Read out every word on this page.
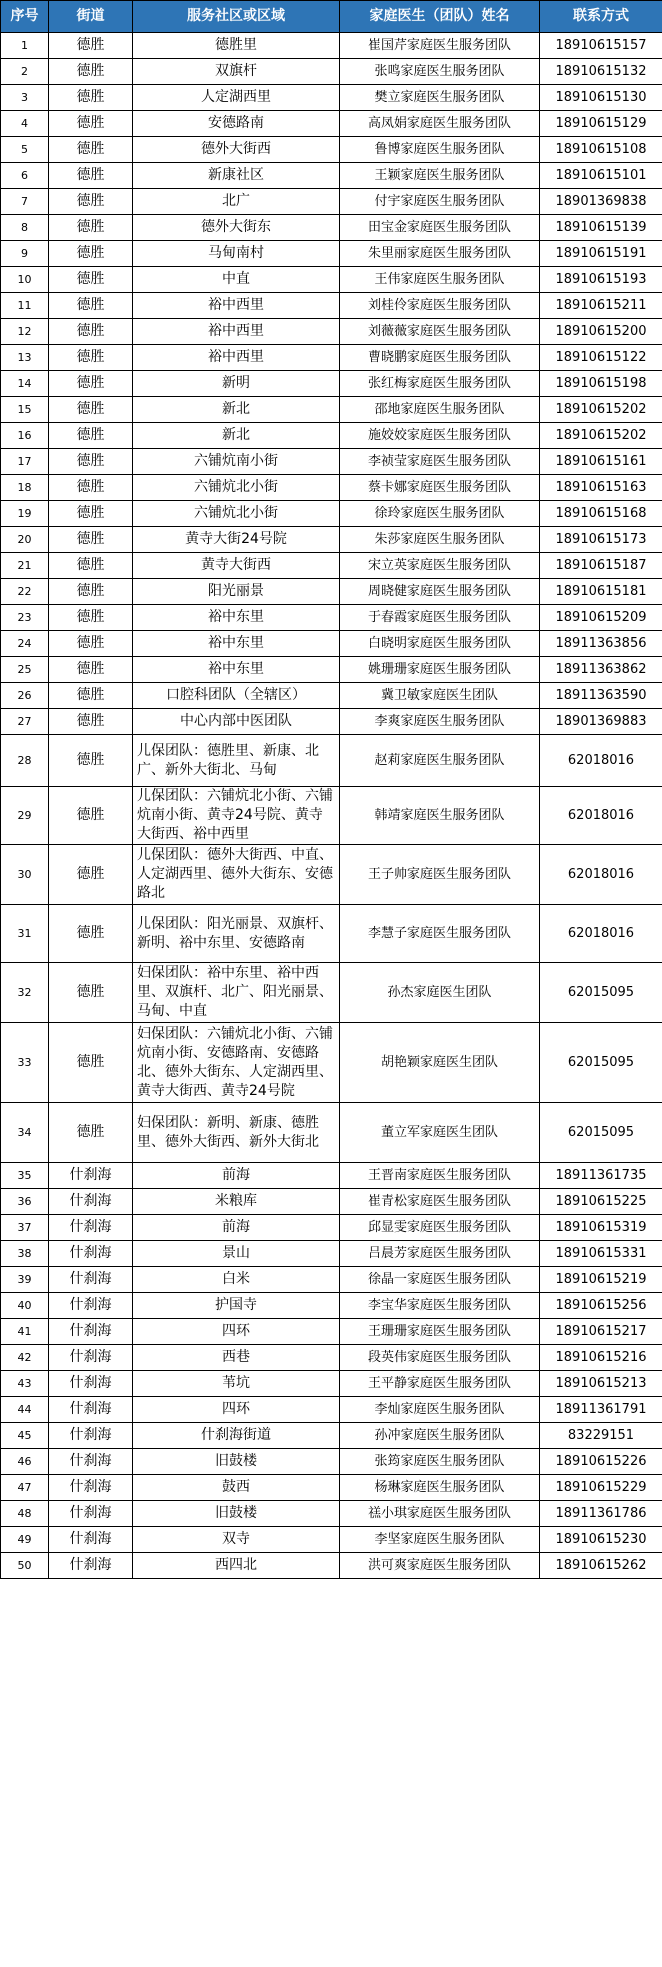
序号	街道	服务社区或区域	家庭医生（团队）姓名	联系方式
1	德胜	德胜里	崔国芹家庭医生服务团队	18910615157
2	德胜	双旗杆	张鸣家庭医生服务团队	18910615132
3	德胜	人定湖西里	樊立家庭医生服务团队	18910615130
4	德胜	安德路南	高凤娟家庭医生服务团队	18910615129
5	德胜	德外大街西	鲁博家庭医生服务团队	18910615108
6	德胜	新康社区	王颖家庭医生服务团队	18910615101
7	德胜	北广	付宇家庭医生服务团队	18901369838
8	德胜	德外大街东	田宝金家庭医生服务团队	18910615139
9	德胜	马甸南村	朱里丽家庭医生服务团队	18910615191
10	德胜	中直	王伟家庭医生服务团队	18910615193
11	德胜	裕中西里	刘桂伶家庭医生服务团队	18910615211
12	德胜	裕中西里	刘薇薇家庭医生服务团队	18910615200
13	德胜	裕中西里	曹晓鹏家庭医生服务团队	18910615122
14	德胜	新明	张红梅家庭医生服务团队	18910615198
15	德胜	新北	邵地家庭医生服务团队	18910615202
16	德胜	新北	施姣姣家庭医生服务团队	18910615202
17	德胜	六铺炕南小街	李祯莹家庭医生服务团队	18910615161
18	德胜	六铺炕北小街	蔡卡娜家庭医生服务团队	18910615163
19	德胜	六铺炕北小街	徐玲家庭医生服务团队	18910615168
20	德胜	黄寺大街24号院	朱莎家庭医生服务团队	18910615173
21	德胜	黄寺大街西	宋立英家庭医生服务团队	18910615187
22	德胜	阳光丽景	周晓健家庭医生服务团队	18910615181
23	德胜	裕中东里	于春霞家庭医生服务团队	18910615209
24	德胜	裕中东里	白晓明家庭医生服务团队	18911363856
25	德胜	裕中东里	姚珊珊家庭医生服务团队	18911363862
26	德胜	口腔科团队（全辖区）	冀卫敏家庭医生团队	18911363590
27	德胜	中心内部中医团队	李爽家庭医生服务团队	18901369883
28	德胜	儿保团队：德胜里、新康、北广、新外大街北、马甸	赵莉家庭医生服务团队	62018016
29	德胜	儿保团队：六铺炕北小街、六铺炕南小街、黄寺24号院、黄寺大街西、裕中西里	韩靖家庭医生服务团队	62018016
30	德胜	儿保团队：德外大街西、中直、人定湖西里、德外大街东、安德路北	王子帅家庭医生服务团队	62018016
31	德胜	儿保团队：阳光丽景、双旗杆、新明、裕中东里、安德路南	李慧子家庭医生服务团队	62018016
32	德胜	妇保团队：裕中东里、裕中西里、双旗杆、北广、阳光丽景、马甸、中直	孙杰家庭医生团队	62015095
33	德胜	妇保团队：六铺炕北小街、六铺炕南小街、安德路南、安德路北、德外大街东、人定湖西里、黄寺大街西、黄寺24号院	胡艳颖家庭医生团队	62015095
34	德胜	妇保团队：新明、新康、德胜里、德外大街西、新外大街北	董立军家庭医生团队	62015095
35	什刹海	前海	王晋南家庭医生服务团队	18911361735
36	什刹海	米粮库	崔青松家庭医生服务团队	18910615225
37	什刹海	前海	邱显雯家庭医生服务团队	18910615319
38	什刹海	景山	吕晨芳家庭医生服务团队	18910615331
39	什刹海	白米	徐晶一家庭医生服务团队	18910615219
40	什刹海	护国寺	李宝华家庭医生服务团队	18910615256
41	什刹海	四环	王珊珊家庭医生服务团队	18910615217
42	什刹海	西巷	段英伟家庭医生服务团队	18910615216
43	什刹海	苇坑	王平静家庭医生服务团队	18910615213
44	什刹海	四环	李灿家庭医生服务团队	18911361791
45	什刹海	什刹海街道	孙冲家庭医生服务团队	83229151
46	什刹海	旧鼓楼	张筠家庭医生服务团队	18910615226
47	什刹海	鼓西	杨琳家庭医生服务团队	18910615229
48	什刹海	旧鼓楼	禚小琪家庭医生服务团队	18911361786
49	什刹海	双寺	李坚家庭医生服务团队	18910615230
50	什刹海	西四北	洪可爽家庭医生服务团队	18910615262
